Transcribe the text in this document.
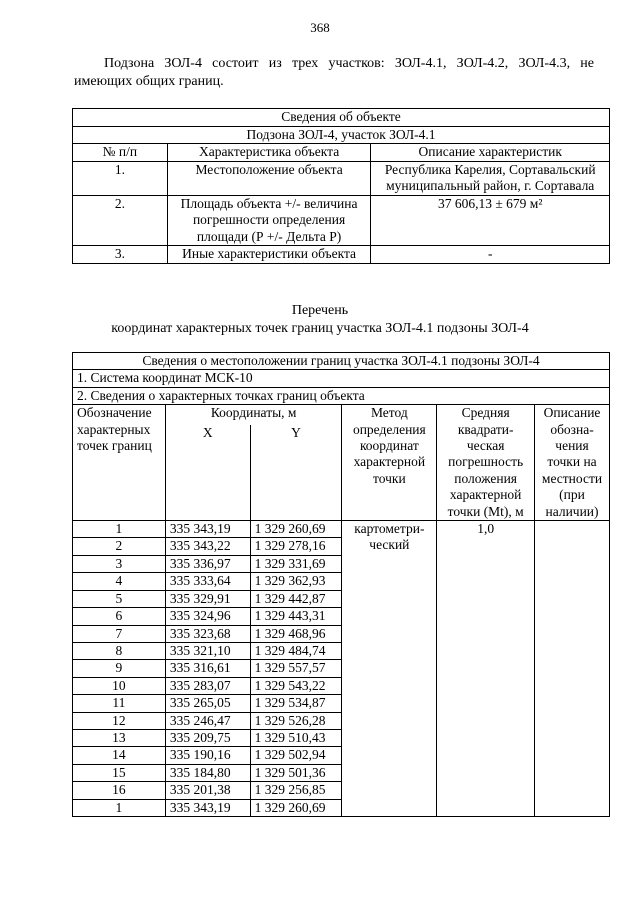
368
Подзона ЗОЛ-4 состоит из трех участков: ЗОЛ-4.1, ЗОЛ-4.2, ЗОЛ-4.3, не имеющих общих границ.
Сведения об объекте		
Подзона ЗОЛ-4, участок ЗОЛ-4.1		
№ п/п	Характеристика объекта	Описание характеристик
1.	Местоположение объекта	Республика Карелия, Сортавальский муниципальный район, г. Сортавала
2.	Площадь объекта +/- величина погрешности определения площади (Р +/- Дельта Р)	37 606,13 ± 679 м²
3.	Иные характеристики объекта	-
Перечень
координат характерных точек границ участка ЗОЛ-4.1 подзоны ЗОЛ-4
Сведения о местоположении границ участка ЗОЛ-4.1 подзоны ЗОЛ-4					
1. Система координат МСК-10					
2. Сведения о характерных точках границ объекта					
Обозначение характерных точек границ	Координаты, м		Метод определения координат характерной точки	Средняя квадрати-ческая погрешность положения характерной точки (Мt), м	Описание обозна-чения точки на местности (при наличии)
	X	Y			
1	335 343,19	1 329 260,69	картометри-ческий	1,0	
2	335 343,22	1 329 278,16			
3	335 336,97	1 329 331,69			
4	335 333,64	1 329 362,93			
5	335 329,91	1 329 442,87			
6	335 324,96	1 329 443,31			
7	335 323,68	1 329 468,96			
8	335 321,10	1 329 484,74			
9	335 316,61	1 329 557,57			
10	335 283,07	1 329 543,22			
11	335 265,05	1 329 534,87			
12	335 246,47	1 329 526,28			
13	335 209,75	1 329 510,43			
14	335 190,16	1 329 502,94			
15	335 184,80	1 329 501,36			
16	335 201,38	1 329 256,85			
1	335 343,19	1 329 260,69			
